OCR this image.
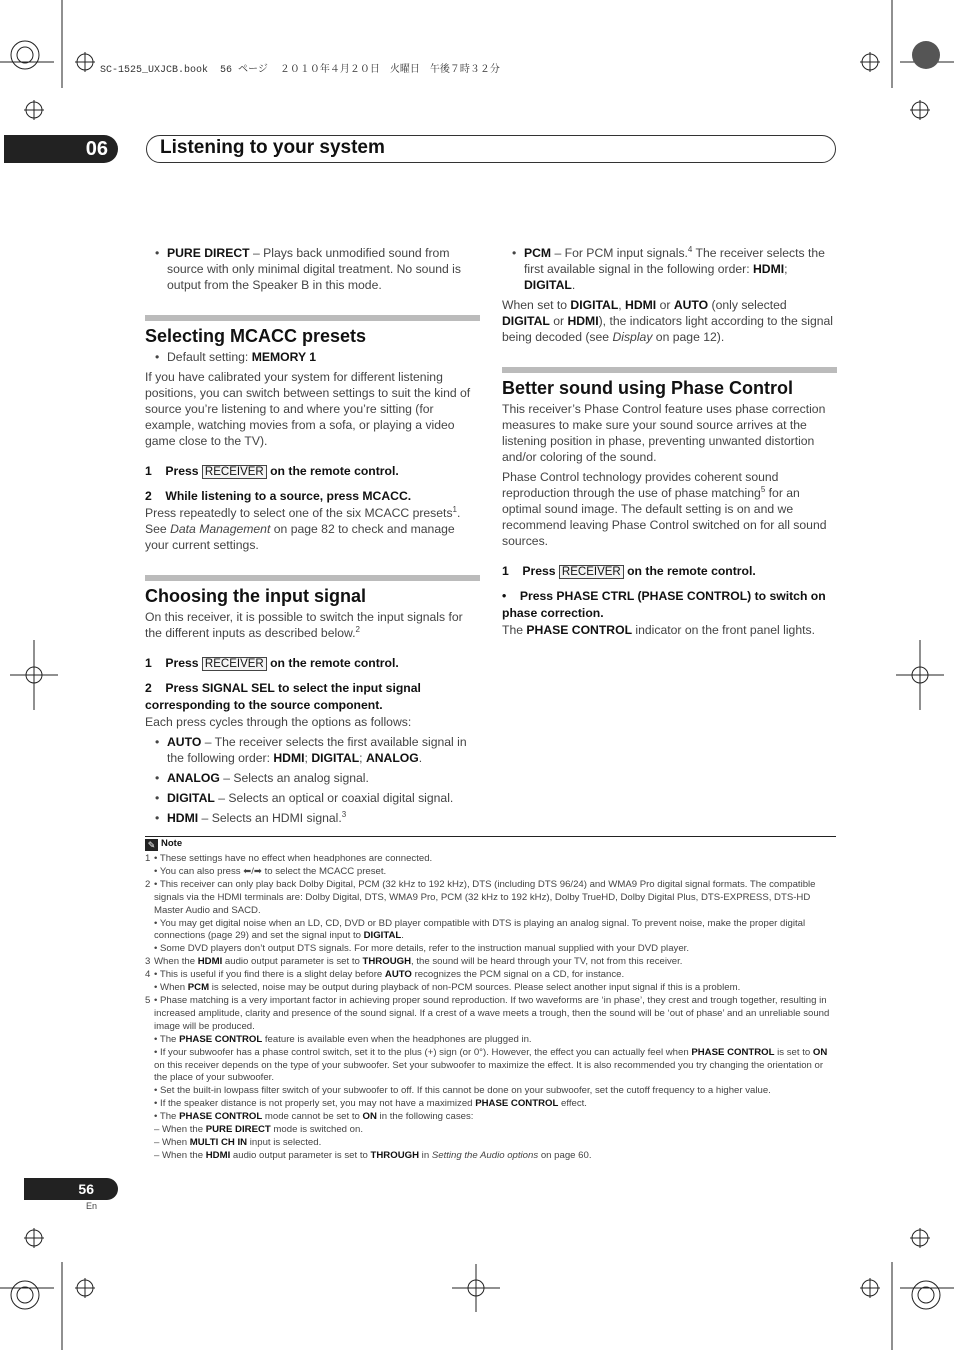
SC-1525_UXJCB.book  56 ページ  ２０１０年４月２０日　火曜日　午後７時３２分
06	Listening to your system
• PURE DIRECT – Plays back unmodified sound from source with only minimal digital treatment. No sound is output from the Speaker B in this mode.
Selecting MCACC presets
• Default setting: MEMORY 1

If you have calibrated your system for different listening positions, you can switch between settings to suit the kind of source you’re listening to and where you’re sitting (for example, watching movies from a sofa, or playing a video game close to the TV).

1 Press RECEIVER on the remote control.

2 While listening to a source, press MCACC.

Press repeatedly to select one of the six MCACC presets$^1$. See Data Management on page 82 to check and manage your current settings.

Choosing the input signal

On this receiver, it is possible to switch the input signals for the different inputs as described below.$^2$

1 Press RECEIVER on the remote control.

2 Press SIGNAL SEL to select the input signal corresponding to the source component.

Each press cycles through the options as follows:

• AUTO – The receiver selects the first available signal in the following order: HDMI; DIGITAL; ANALOG.
• ANALOG – Selects an analog signal.
• DIGITAL – Selects an optical or coaxial digital signal.
• HDMI – Selects an HDMI signal.$^3$
• PCM – For PCM input signals.$^4$ The receiver selects the first available signal in the following order: HDMI; DIGITAL.

When set to DIGITAL, HDMI or AUTO (only selected DIGITAL or HDMI), the indicators light according to the signal being decoded (see Display on page 12).

Better sound using Phase Control

This receiver’s Phase Control feature uses phase correction measures to make sure your sound source arrives at the listening position in phase, preventing unwanted distortion and/or coloring of the sound.

Phase Control technology provides coherent sound reproduction through the use of phase matching$^5$ for an optimal sound image. The default setting is on and we recommend leaving Phase Control switched on for all sound sources.

1 Press RECEIVER on the remote control.

• Press PHASE CTRL (PHASE CONTROL) to switch on phase correction.

The PHASE CONTROL indicator on the front panel lights.

✎ Note
1 • These settings have no effect when headphones are connected.
• You can also press ⬅/➡ to select the MCACC preset.
2 • This receiver can only play back Dolby Digital, PCM (32 kHz to 192 kHz), DTS (including DTS 96/24) and WMA9 Pro digital signal formats. The compatible signals via the HDMI terminals are: Dolby Digital, DTS, WMA9 Pro, PCM (32 kHz to 192 kHz), Dolby TrueHD, Dolby Digital Plus, DTS-EXPRESS, DTS-HD Master Audio and SACD.
• You may get digital noise when an LD, CD, DVD or BD player compatible with DTS is playing an analog signal. To prevent noise, make the proper digital connections (page 29) and set the signal input to DIGITAL.
• Some DVD players don’t output DTS signals. For more details, refer to the instruction manual supplied with your DVD player.
3 When the HDMI audio output parameter is set to THROUGH, the sound will be heard through your TV, not from this receiver.
4 • This is useful if you find there is a slight delay before AUTO recognizes the PCM signal on a CD, for instance.
• When PCM is selected, noise may be output during playback of non-PCM sources. Please select another input signal if this is a problem.
5 • Phase matching is a very important factor in achieving proper sound reproduction. If two waveforms are ‘in phase’, they crest and trough together, resulting in increased amplitude, clarity and presence of the sound signal. If a crest of a wave meets a trough, then the sound will be ‘out of phase’ and an unreliable sound image will be produced.
• The PHASE CONTROL feature is available even when the headphones are plugged in.
• If your subwoofer has a phase control switch, set it to the plus (+) sign (or 0°). However, the effect you can actually feel when PHASE CONTROL is set to ON on this receiver depends on the type of your subwoofer. Set your subwoofer to maximize the effect. It is also recommended you try changing the orientation or the place of your subwoofer.
• Set the built-in lowpass filter switch of your subwoofer to off. If this cannot be done on your subwoofer, set the cutoff frequency to a higher value.
• If the speaker distance is not properly set, you may not have a maximized PHASE CONTROL effect.
• The PHASE CONTROL mode cannot be set to ON in the following cases:
– When the PURE DIRECT mode is switched on.
– When MULTI CH IN input is selected.
– When the HDMI audio output parameter is set to THROUGH in Setting the Audio options on page 60.
56
En
